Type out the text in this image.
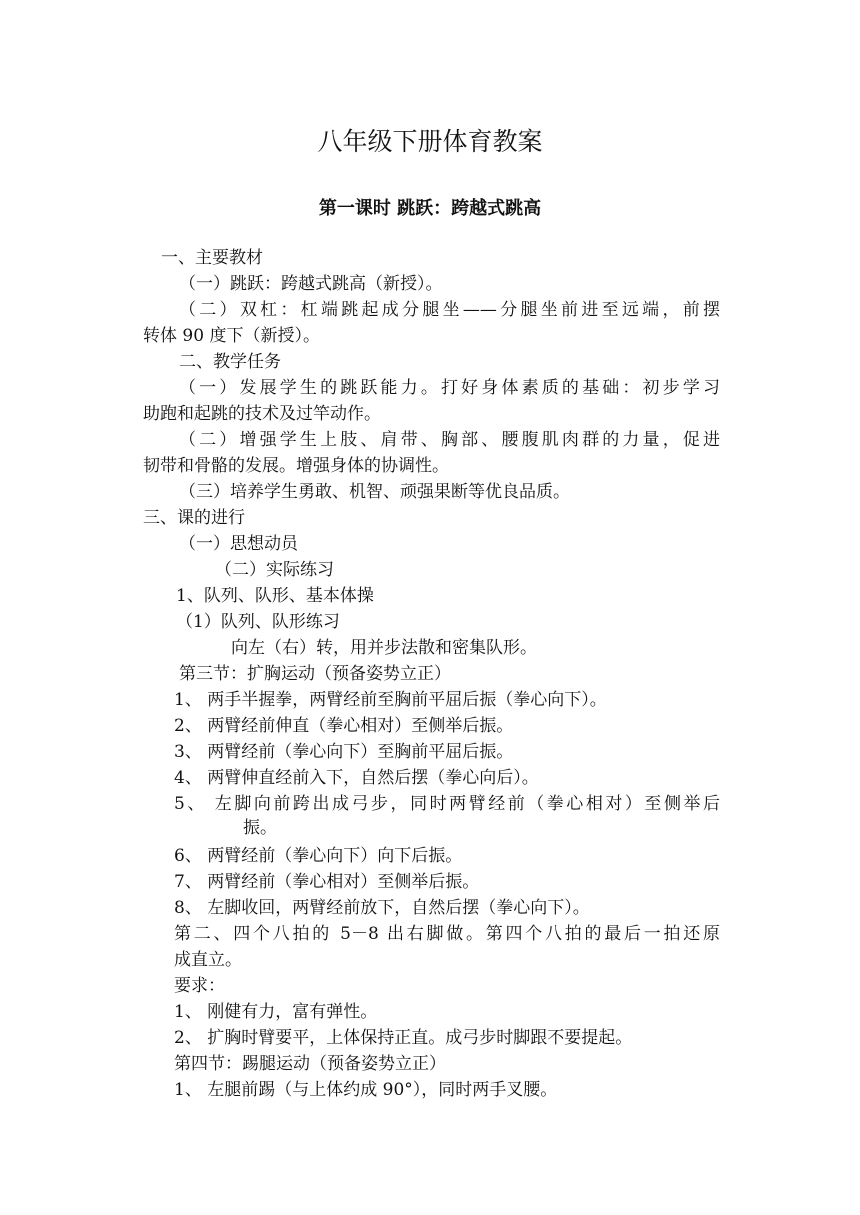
八年级下册体育教案
第一课时 跳跃：跨越式跳高
一、主要教材
（一）跳跃：跨越式跳高（新授）。
（二）双杠：杠端跳起成分腿坐——分腿坐前进至远端，前摆
转体 90 度下（新授）。
二、教学任务
（一）发展学生的跳跃能力。打好身体素质的基础：初步学习
助跑和起跳的技术及过竿动作。
（二）增强学生上肢、肩带、胸部、腰腹肌肉群的力量，促进
韧带和骨骼的发展。增强身体的协调性。
（三）培养学生勇敢、机智、顽强果断等优良品质。
三、课的进行
（一）思想动员
（二）实际练习
1、队列、队形、基本体操
（1）队列、队形练习
向左（右）转，用并步法散和密集队形。
第三节：扩胸运动（预备姿势立正）
1、 两手半握拳，两臂经前至胸前平屈后振（拳心向下）。
2、 两臂经前伸直（拳心相对）至侧举后振。
3、 两臂经前（拳心向下）至胸前平屈后振。
4、 两臂伸直经前入下，自然后摆（拳心向后）。
5、 左脚向前跨出成弓步，同时两臂经前（拳心相对）至侧举后
振。
6、 两臂经前（拳心向下）向下后振。
7、 两臂经前（拳心相对）至侧举后振。
8、 左脚收回，两臂经前放下，自然后摆（拳心向下）。
第二、四个八拍的 5－8 出右脚做。第四个八拍的最后一拍还原
成直立。
要求：
1、 刚健有力，富有弹性。
2、 扩胸时臂要平，上体保持正直。成弓步时脚跟不要提起。
第四节：踢腿运动（预备姿势立正）
1、 左腿前踢（与上体约成 90°），同时两手叉腰。
